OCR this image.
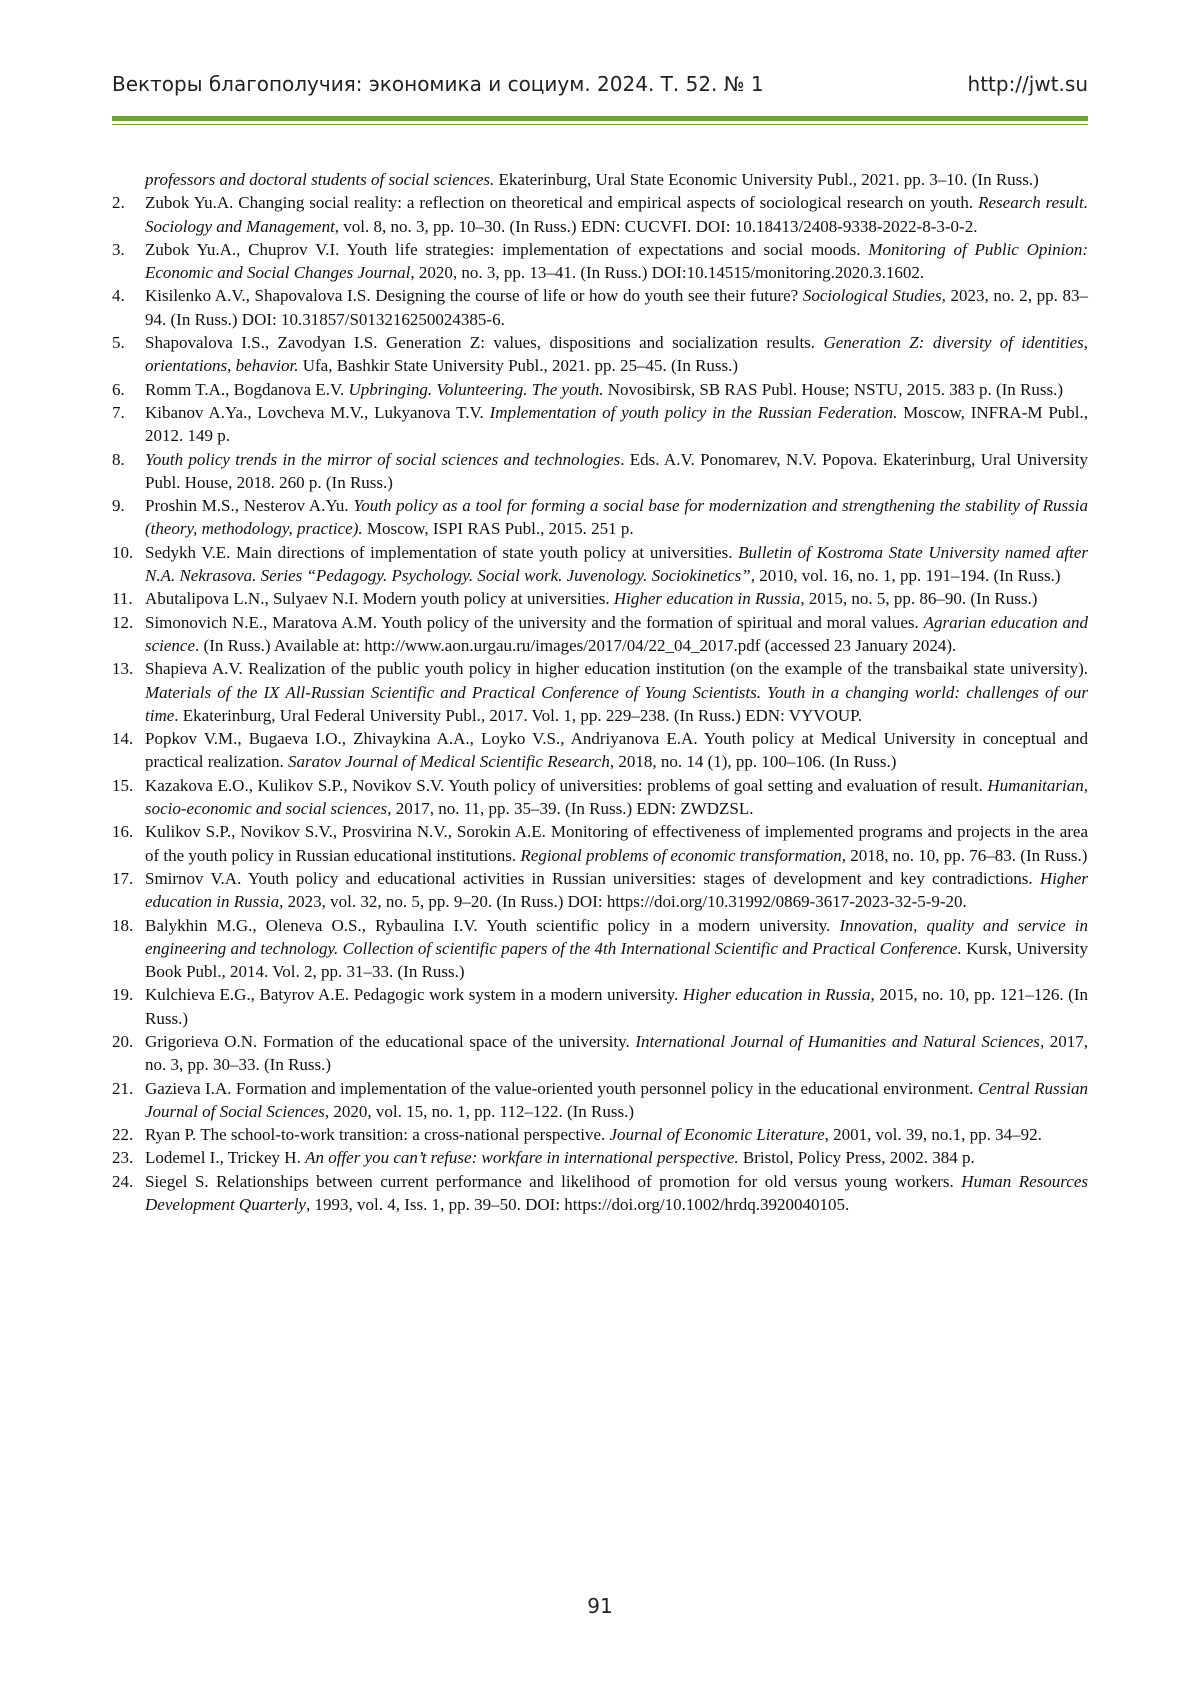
Векторы благополучия: экономика и социум. 2024. Т. 52. № 1	http://jwt.su

professors and doctoral students of social sciences. Ekaterinburg, Ural State Economic University Publ., 2021. pp. 3–10. (In Russ.)

2.	Zubok Yu.A. Changing social reality: a reflection on theoretical and empirical aspects of sociological research on youth. Research result. Sociology and Management, vol. 8, no. 3, pp. 10–30. (In Russ.) EDN: CUCVFI. DOI: 10.18413/2408-9338-2022-8-3-0-2.
3.	Zubok Yu.A., Chuprov V.I. Youth life strategies: implementation of expectations and social moods. Monitoring of Public Opinion: Economic and Social Changes Journal, 2020, no. 3, pp. 13–41. (In Russ.) DOI:10.14515/monitoring.2020.3.1602.
4.	Kisilenko A.V., Shapovalova I.S. Designing the course of life or how do youth see their future? Sociological Studies, 2023, no. 2, pp. 83–94. (In Russ.) DOI: 10.31857/S013216250024385-6.
5.	Shapovalova I.S., Zavodyan I.S. Generation Z: values, dispositions and socialization results. Generation Z: diversity of identities, orientations, behavior. Ufa, Bashkir State University Publ., 2021. pp. 25–45. (In Russ.)
6.	Romm T.A., Bogdanova E.V. Upbringing. Volunteering. The youth. Novosibirsk, SB RAS Publ. House; NSTU, 2015. 383 p. (In Russ.)
7.	Kibanov A.Ya., Lovcheva M.V., Lukyanova T.V. Implementation of youth policy in the Russian Federation. Moscow, INFRA-M Publ., 2012. 149 p.
8.	Youth policy trends in the mirror of social sciences and technologies. Eds. A.V. Ponomarev, N.V. Popova. Ekaterinburg, Ural University Publ. House, 2018. 260 p. (In Russ.)
9.	Proshin M.S., Nesterov A.Yu. Youth policy as a tool for forming a social base for modernization and strengthening the stability of Russia (theory, methodology, practice). Moscow, ISPI RAS Publ., 2015. 251 p.
10. Sedykh V.E. Main directions of implementation of state youth policy at universities. Bulletin of Kostroma State University named after N.A. Nekrasova. Series “Pedagogy. Psychology. Social work. Juvenology. Sociokinetics”, 2010, vol. 16, no. 1, pp. 191–194. (In Russ.)
11. Abutalipova L.N., Sulyaev N.I. Modern youth policy at universities. Higher education in Russia, 2015, no. 5, pp. 86–90. (In Russ.)
12. Simonovich N.E., Maratova A.M. Youth policy of the university and the formation of spiritual and moral values. Agrarian education and science. (In Russ.) Available at: http://www.aon.urgau.ru/images/2017/04/22_04_2017.pdf (accessed 23 January 2024).
13. Shapieva A.V. Realization of the public youth policy in higher education institution (on the example of the transbaikal state university). Materials of the IX All-Russian Scientific and Practical Conference of Young Scientists. Youth in a changing world: challenges of our time. Ekaterinburg, Ural Federal University Publ., 2017. Vol. 1, pp. 229–238. (In Russ.) EDN: VYVOUP.
14. Popkov V.M., Bugaeva I.O., Zhivaykina A.A., Loyko V.S., Andriyanova E.A. Youth policy at Medical University in conceptual and practical realization. Saratov Journal of Medical Scientific Research, 2018, no. 14 (1), pp. 100–106. (In Russ.)
15. Kazakova E.O., Kulikov S.P., Novikov S.V. Youth policy of universities: problems of goal setting and evaluation of result. Humanitarian, socio-economic and social sciences, 2017, no. 11, pp. 35–39. (In Russ.) EDN: ZWDZSL.
16. Kulikov S.P., Novikov S.V., Prosvirina N.V., Sorokin A.E. Monitoring of effectiveness of implemented programs and projects in the area of the youth policy in Russian educational institutions. Regional problems of economic transformation, 2018, no. 10, pp. 76–83. (In Russ.)
17. Smirnov V.A. Youth policy and educational activities in Russian universities: stages of development and key contradictions. Higher education in Russia, 2023, vol. 32, no. 5, pp. 9–20. (In Russ.) DOI: https://doi.org/10.31992/0869-3617-2023-32-5-9-20.
18. Balykhin M.G., Oleneva O.S., Rybaulina I.V. Youth scientific policy in a modern university. Innovation, quality and service in engineering and technology. Collection of scientific papers of the 4th International Scientific and Practical Conference. Kursk, University Book Publ., 2014. Vol. 2, pp. 31–33. (In Russ.)
19. Kulchieva E.G., Batyrov A.E. Pedagogic work system in a modern university. Higher education in Russia, 2015, no. 10, pp. 121–126. (In Russ.)
20. Grigorieva O.N. Formation of the educational space of the university. International Journal of Humanities and Natural Sciences, 2017, no. 3, pp. 30–33. (In Russ.)
21. Gazieva I.A. Formation and implementation of the value-oriented youth personnel policy in the educational environment. Central Russian Journal of Social Sciences, 2020, vol. 15, no. 1, pp. 112–122. (In Russ.)
22. Ryan P. The school-to-work transition: a cross-national perspective. Journal of Economic Literature, 2001, vol. 39, no.1, pp. 34–92.
23. Lodemel I., Trickey H. An offer you can’t refuse: workfare in international perspective. Bristol, Policy Press, 2002. 384 p.
24. Siegel S. Relationships between current performance and likelihood of promotion for old versus young workers. Human Resources Development Quarterly, 1993, vol. 4, Iss. 1, pp. 39–50. DOI: https://doi.org/10.1002/hrdq.3920040105.
91
